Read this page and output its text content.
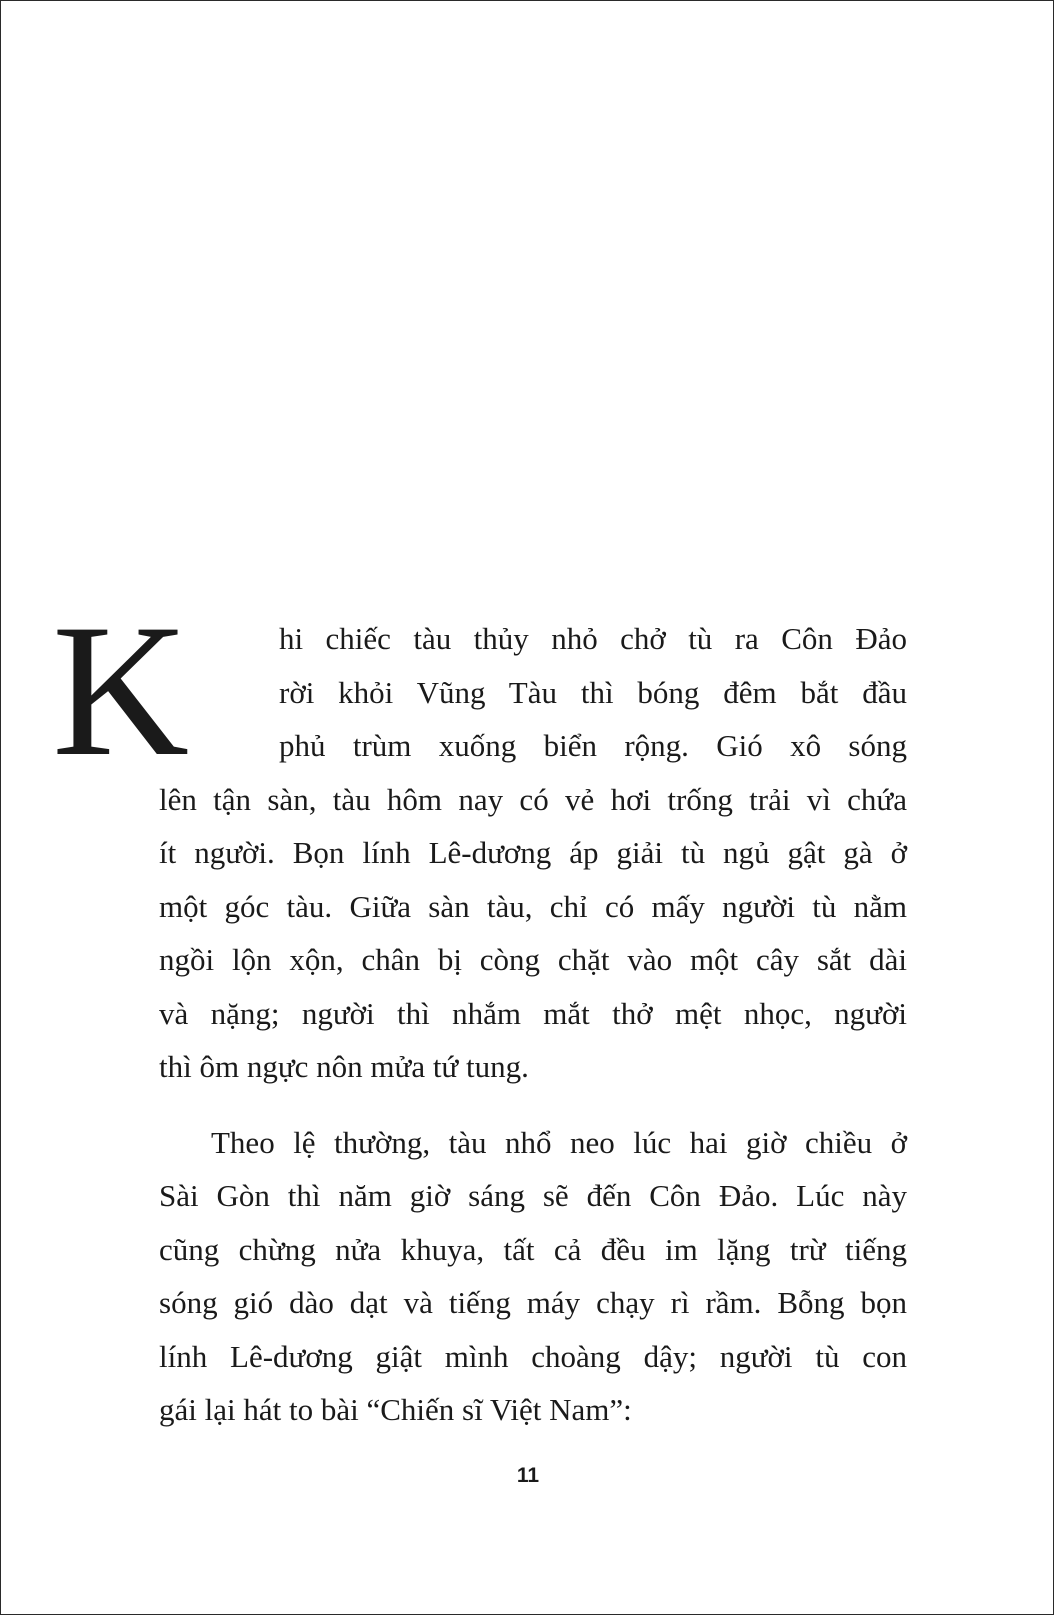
K	hi chiếc tàu thủy nhỏ chở tù ra Côn Đảo
rời khỏi Vũng Tàu thì bóng đêm bắt đầu
phủ trùm xuống biển rộng. Gió xô sóng
lên tận sàn, tàu hôm nay có vẻ hơi trống trải vì chứa
ít người. Bọn lính Lê-dương áp giải tù ngủ gật gà ở
một góc tàu. Giữa sàn tàu, chỉ có mấy người tù nằm
ngồi lộn xộn, chân bị còng chặt vào một cây sắt dài
và nặng; người thì nhắm mắt thở mệt nhọc, người
thì ôm ngực nôn mửa tứ tung.
Theo lệ thường, tàu nhổ neo lúc hai giờ chiều ở
Sài Gòn thì năm giờ sáng sẽ đến Côn Đảo. Lúc này
cũng chừng nửa khuya, tất cả đều im lặng trừ tiếng
sóng gió dào dạt và tiếng máy chạy rì rầm. Bỗng bọn
lính Lê-dương giật mình choàng dậy; người tù con
gái lại hát to bài “Chiến sĩ Việt Nam”:
11
